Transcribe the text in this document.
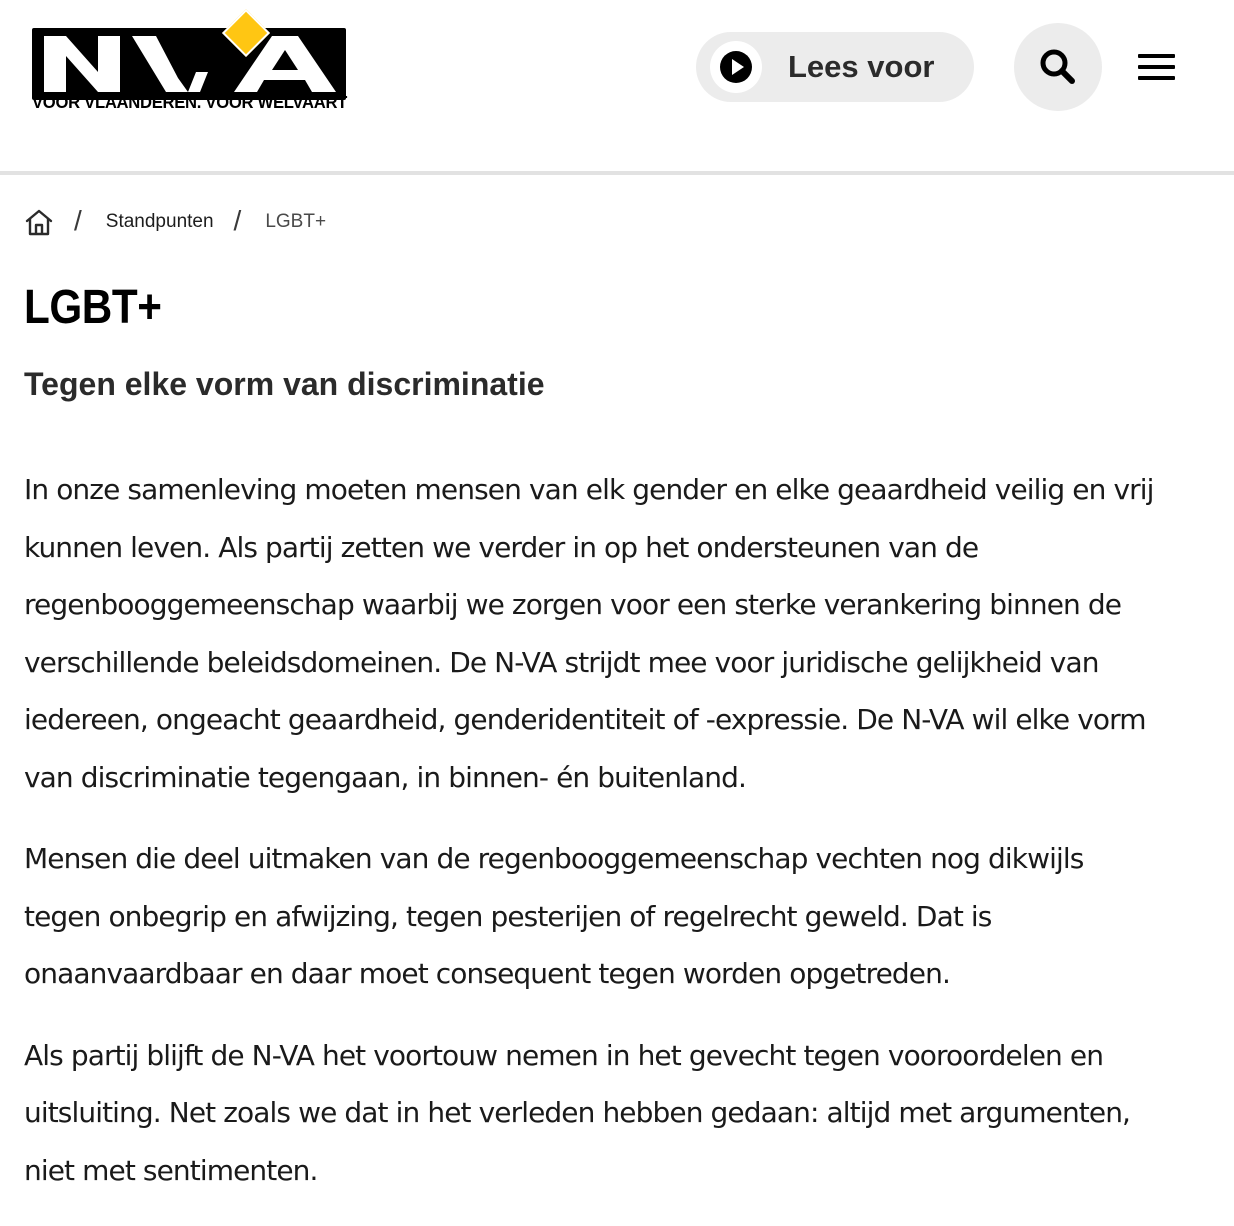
VOOR VLAANDEREN. VOOR WELVAART
Lees voor
/ Standpunten / LGBT+
LGBT+
Tegen elke vorm van discriminatie

In onze samenleving moeten mensen van elk gender en elke geaardheid veilig en vrij
kunnen leven. Als partij zetten we verder in op het ondersteunen van de
regenbooggemeenschap waarbij we zorgen voor een sterke verankering binnen de
verschillende beleidsdomeinen. De N-VA strijdt mee voor juridische gelijkheid van
iedereen, ongeacht geaardheid, genderidentiteit of -expressie. De N-VA wil elke vorm
van discriminatie tegengaan, in binnen- én buitenland.

Mensen die deel uitmaken van de regenbooggemeenschap vechten nog dikwijls
tegen onbegrip en afwijzing, tegen pesterijen of regelrecht geweld. Dat is
onaanvaardbaar en daar moet consequent tegen worden opgetreden.

Als partij blijft de N-VA het voortouw nemen in het gevecht tegen vooroordelen en
uitsluiting. Net zoals we dat in het verleden hebben gedaan: altijd met argumenten,
niet met sentimenten.
